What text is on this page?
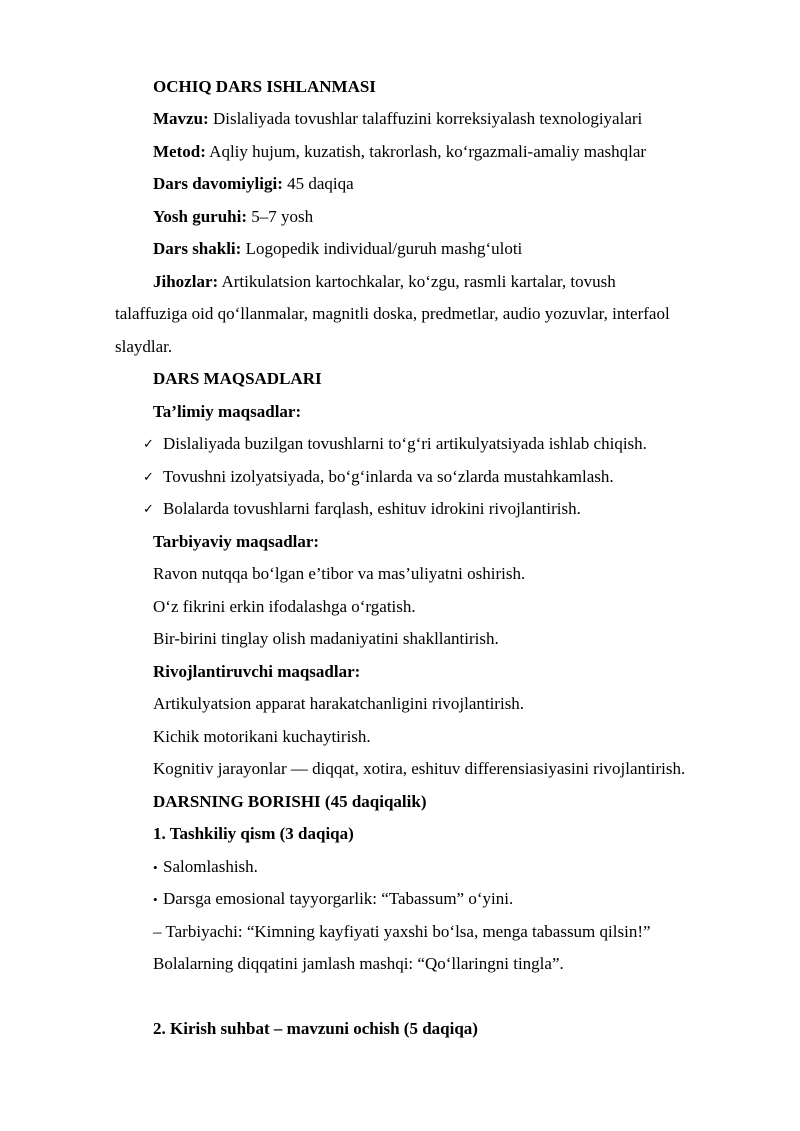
OCHIQ DARS ISHLANMASI
Mavzu: Dislaliyada tovushlar talaffuzini korreksiyalash texnologiyalari
Metod: Aqliy hujum, kuzatish, takrorlash, ko‘rgazmali-amaliy mashqlar
Dars davomiyligi: 45 daqiqa
Yosh guruhi: 5–7 yosh
Dars shakli: Logopedik individual/guruh mashg‘uloti
Jihozlar: Artikulatsion kartochkalar, ko‘zgu, rasmli kartalar, tovush
talaffuziga oid qo‘llanmalar, magnitli doska, predmetlar, audio yozuvlar, interfaol
slaydlar.
DARS MAQSADLARI
Ta’limiy maqsadlar:
✓ Dislaliyada buzilgan tovushlarni to‘g‘ri artikulyatsiyada ishlab chiqish.
✓ Tovushni izolyatsiyada, bo‘g‘inlarda va so‘zlarda mustahkamlash.
✓ Bolalarda tovushlarni farqlash, eshituv idrokini rivojlantirish.
Tarbiyaviy maqsadlar:
Ravon nutqqa bo‘lgan e’tibor va mas’uliyatni oshirish.
O‘z fikrini erkin ifodalashga o‘rgatish.
Bir-birini tinglay olish madaniyatini shakllantirish.
Rivojlantiruvchi maqsadlar:
Artikulyatsion apparat harakatchanligini rivojlantirish.
Kichik motorikani kuchaytirish.
Kognitiv jarayonlar — diqqat, xotira, eshituv differensiasiyasini rivojlantirish.
DARSNING BORISHI (45 daqiqalik)
1. Tashkiliy qism (3 daqiqa)
• Salomlashish.
• Darsga emosional tayyorgarlik: “Tabassum” o‘yini.
– Tarbiyachi: “Kimning kayfiyati yaxshi bo‘lsa, menga tabassum qilsin!”
Bolalarning diqqatini jamlash mashqi: “Qo‘llaringni tingla”.
2. Kirish suhbat – mavzuni ochish (5 daqiqa)
